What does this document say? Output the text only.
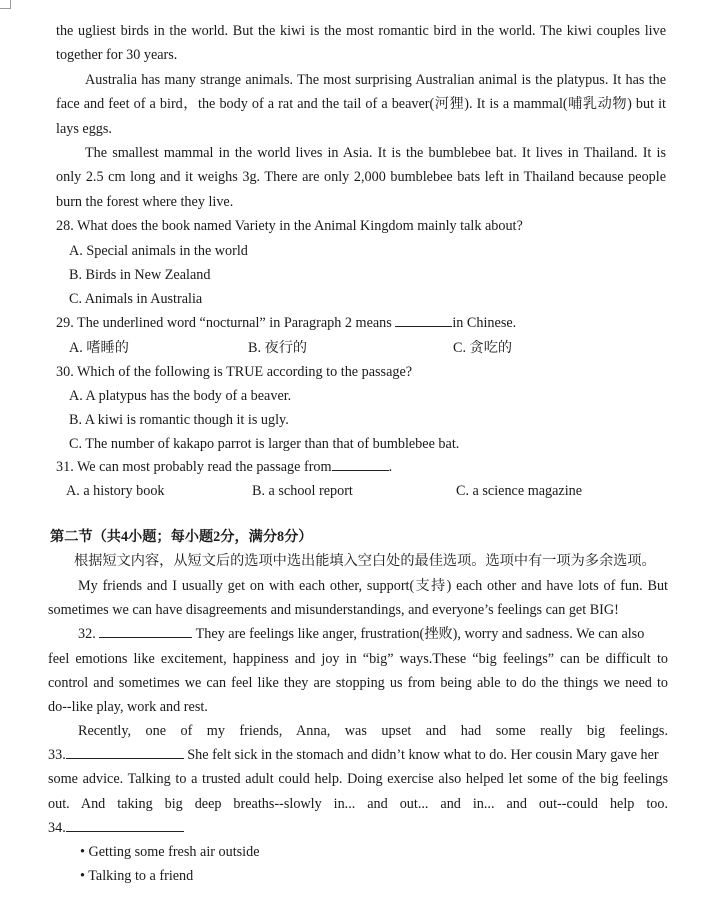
the ugliest birds in the world. But the kiwi is the most romantic bird in the world. The kiwi couples live
together for 30 years.
Australia has many strange animals. The most surprising Australian animal is the platypus. It has the
face and feet of a bird，the body of a rat and the tail of a beaver(河狸). It is a mammal(哺乳动物) but it
lays eggs.
The smallest mammal in the world lives in Asia. It is the bumblebee bat. It lives in Thailand. It is
only 2.5 cm long and it weighs 3g. There are only 2,000 bumblebee bats left in Thailand because people
burn the forest where they live.
28. What does the book named Variety in the Animal Kingdom mainly talk about?
A. Special animals in the world
B. Birds in New Zealand
C. Animals in Australia
29. The underlined word “nocturnal” in Paragraph 2 means	in Chinese.
A. 嗜睡的	B. 夜行的	C. 贪吃的
30. Which of the following is TRUE according to the passage?
A. A platypus has the body of a beaver.
B. A kiwi is romantic though it is ugly.
C. The number of kakapo parrot is larger than that of bumblebee bat.
31. We can most probably read the passage from	.
A. a history book	B. a school report	C. a science magazine
第二节（共4小题；每小题2分，满分8分）
根据短文内容，从短文后的选项中选出能填入空白处的最佳选项。选项中有一项为多余选项。
My friends and I usually get on with each other, support(支持) each other and have lots of fun. But
sometimes we can have disagreements and misunderstandings, and everyone’s feelings can get BIG!
32.	They are feelings like anger, frustration(挫败), worry and sadness. We can also
feel emotions like excitement, happiness and joy in “big” ways.These “big feelings” can be difficult to
control and sometimes we can feel like they are stopping us from being able to do the things we need to
do--like play, work and rest.
Recently, one of my friends, Anna, was upset and had some really big feelings.
33.	She felt sick in the stomach and didn’t know what to do. Her cousin Mary gave her
some advice. Talking to a trusted adult could help. Doing exercise also helped let some of the big feelings
out. And taking big deep breaths--slowly in... and out... and in... and out--could help too.
34.
• Getting some fresh air outside
• Talking to a friend
